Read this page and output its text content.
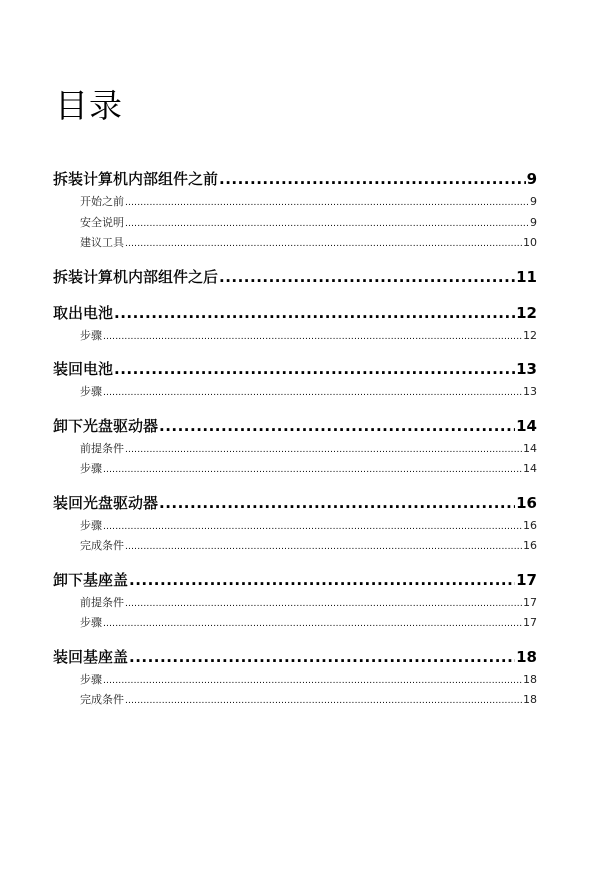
目录
拆装计算机内部组件之前 .....	9
开始之前 .....	9
安全说明 .....	9
建议工具 .....	10
拆装计算机内部组件之后 .....	11
取出电池 .....	12
步骤 .....	12
装回电池 .....	13
步骤 .....	13
卸下光盘驱动器 .....	14
前提条件 .....	14
步骤 .....	14
装回光盘驱动器 .....	16
步骤 .....	16
完成条件 .....	16
卸下基座盖 .....	17
前提条件 .....	17
步骤 .....	17
装回基座盖 .....	18
步骤 .....	18
完成条件 .....	18
